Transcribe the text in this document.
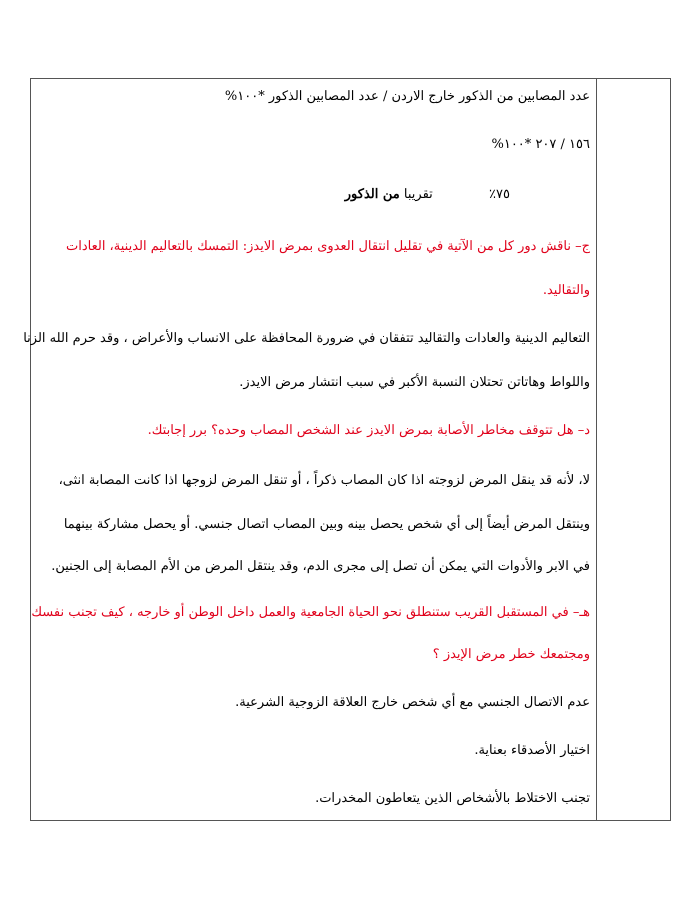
عدد المصابين من الذكور خارج الاردن / عدد المصابين الذكور *١٠٠%
١٥٦ / ٢٠٧ *١٠٠%
من الذكور تقريبا	٧٥٪
ج– ناقش دور كل من الآتية في تقليل انتقال العدوى بمرض الايدز: التمسك بالتعاليم الدينية، العادات
والتقاليد.
التعاليم الدينية والعادات والتقاليد تتفقان في ضرورة المحافظة على الانساب والأعراض ، وقد حرم الله الزنا
واللواط وهاتاتن تحتلان النسبة الأكبر في سبب انتشار مرض الايدز.
د– هل تتوقف مخاطر الأصابة بمرض الايدز عند الشخص المصاب وحده؟ برر إجابتك.
لا، لأنه قد ينقل المرض لزوجته اذا كان المصاب ذكراً ، أو تنقل المرض لزوجها اذا كانت المصابة انثى،
وينتقل المرض أيضاً إلى أي شخص يحصل بينه وبين المصاب اتصال جنسي. أو يحصل مشاركة بينهما
في الابر والأدوات التي يمكن أن تصل إلى مجرى الدم، وقد ينتقل المرض من الأم المصابة إلى الجنين.
هـ– في المستقبل القريب ستنطلق نحو الحياة الجامعية والعمل داخل الوطن أو خارجه ، كيف تجنب نفسك
ومجتمعك خطر مرض الإيدز ؟
عدم الاتصال الجنسي مع أي شخص خارج العلاقة الزوجية الشرعية.
اختيار الأصدقاء بعناية.
تجنب الاختلاط بالأشخاص الذين يتعاطون المخدرات.
